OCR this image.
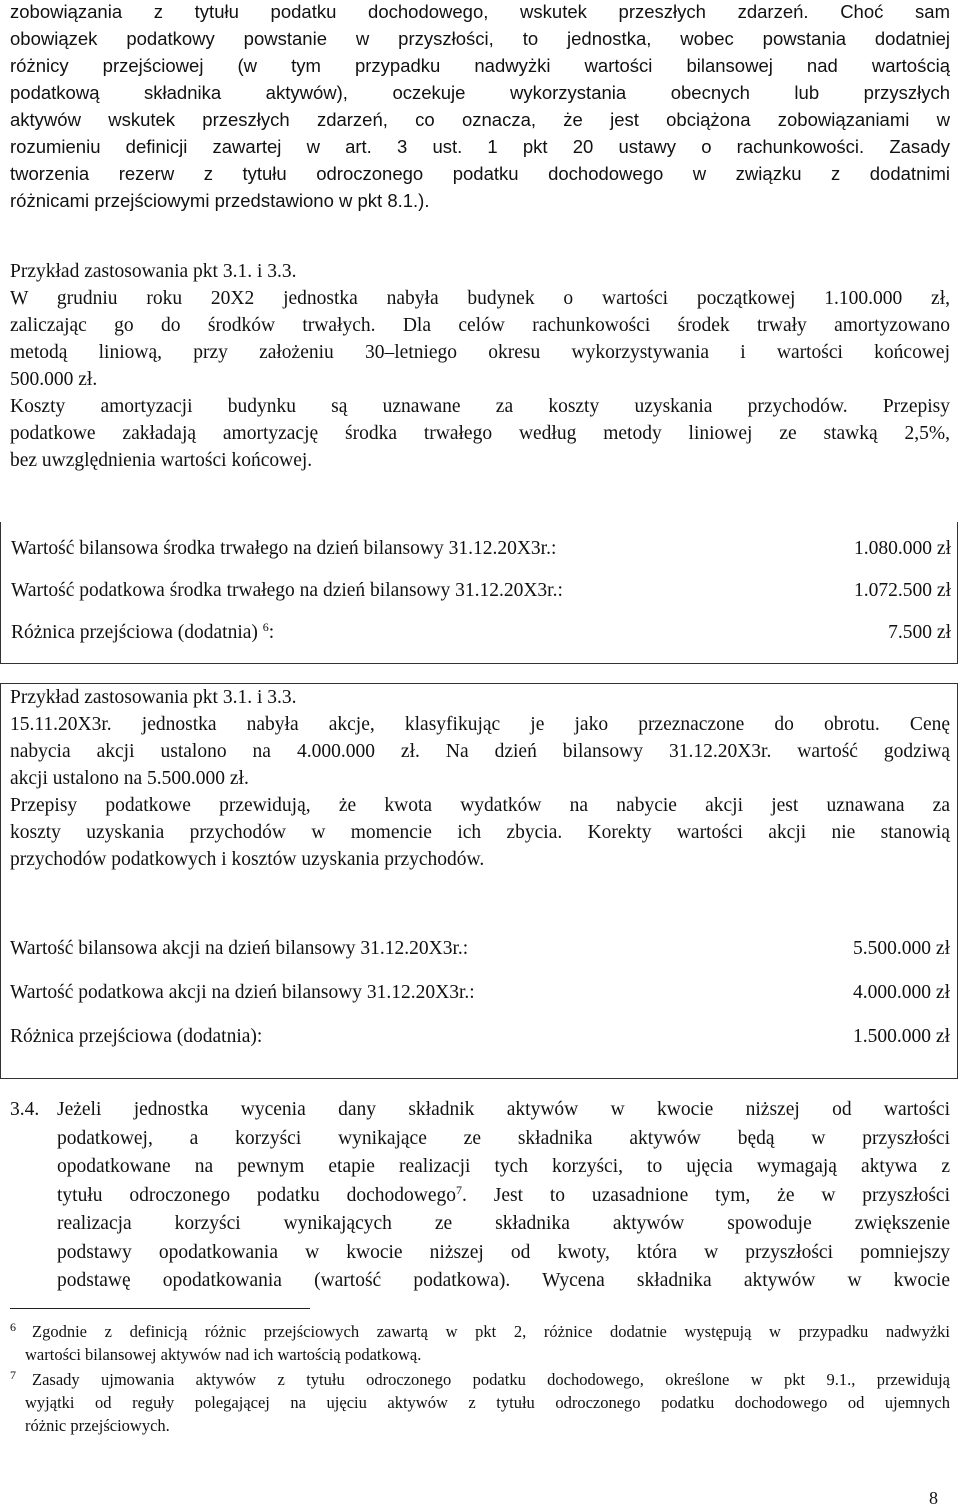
zobowiązania z tytułu podatku dochodowego, wskutek przeszłych zdarzeń. Choć sam
obowiązek podatkowy powstanie w przyszłości, to jednostka, wobec powstania dodatniej
różnicy przejściowej (w tym przypadku nadwyżki wartości bilansowej nad wartością
podatkową składnika aktywów), oczekuje wykorzystania obecnych lub przyszłych
aktywów wskutek przeszłych zdarzeń, co oznacza, że jest obciążona zobowiązaniami w
rozumieniu definicji zawartej w art. 3 ust. 1 pkt 20 ustawy o rachunkowości. Zasady
tworzenia rezerw z tytułu odroczonego podatku dochodowego w związku z dodatnimi
różnicami przejściowymi przedstawiono w pkt 8.1.).
Przykład zastosowania pkt 3.1. i 3.3.
W grudniu roku 20X2 jednostka nabyła budynek o wartości początkowej 1.100.000 zł,
zaliczając go do środków trwałych. Dla celów rachunkowości środek trwały amortyzowano
metodą liniową, przy założeniu 30–letniego okresu wykorzystywania i wartości końcowej
500.000 zł.
Koszty amortyzacji budynku są uznawane za koszty uzyskania przychodów. Przepisy
podatkowe zakładają amortyzację środka trwałego według metody liniowej ze stawką 2,5%,
bez uwzględnienia wartości końcowej.
Wartość bilansowa środka trwałego na dzień bilansowy 31.12.20X3r.:	1.080.000 zł
Wartość podatkowa środka trwałego na dzień bilansowy 31.12.20X3r.:	1.072.500 zł
Różnica przejściowa (dodatnia) $^6$:	7.500 zł
Przykład zastosowania pkt 3.1. i 3.3.
15.11.20X3r. jednostka nabyła akcje, klasyfikując je jako przeznaczone do obrotu. Cenę
nabycia akcji ustalono na 4.000.000 zł. Na dzień bilansowy 31.12.20X3r. wartość godziwą
akcji ustalono na 5.500.000 zł.
Przepisy podatkowe przewidują, że kwota wydatków na nabycie akcji jest uznawana za
koszty uzyskania przychodów w momencie ich zbycia. Korekty wartości akcji nie stanowią
przychodów podatkowych i kosztów uzyskania przychodów.
Wartość bilansowa akcji na dzień bilansowy 31.12.20X3r.:	5.500.000 zł
Wartość podatkowa akcji na dzień bilansowy 31.12.20X3r.:	4.000.000 zł
Różnica przejściowa (dodatnia):	1.500.000 zł
3.4. Jeżeli jednostka wycenia dany składnik aktywów w kwocie niższej od wartości
podatkowej, a korzyści wynikające ze składnika aktywów będą w przyszłości
opodatkowane na pewnym etapie realizacji tych korzyści, to ujęcia wymagają aktywa z
tytułu odroczonego podatku dochodowego$^7$. Jest to uzasadnione tym, że w przyszłości
realizacja korzyści wynikających ze składnika aktywów spowoduje zwiększenie
podstawy opodatkowania w kwocie niższej od kwoty, która w przyszłości pomniejszy
podstawę opodatkowania (wartość podatkowa). Wycena składnika aktywów w kwocie
6 Zgodnie z definicją różnic przejściowych zawartą w pkt 2, różnice dodatnie występują w przypadku nadwyżki
wartości bilansowej aktywów nad ich wartością podatkową.
7 Zasady ujmowania aktywów z tytułu odroczonego podatku dochodowego, określone w pkt 9.1., przewidują
wyjątki od reguły polegającej na ujęciu aktywów z tytułu odroczonego podatku dochodowego od ujemnych
różnic przejściowych.
8
